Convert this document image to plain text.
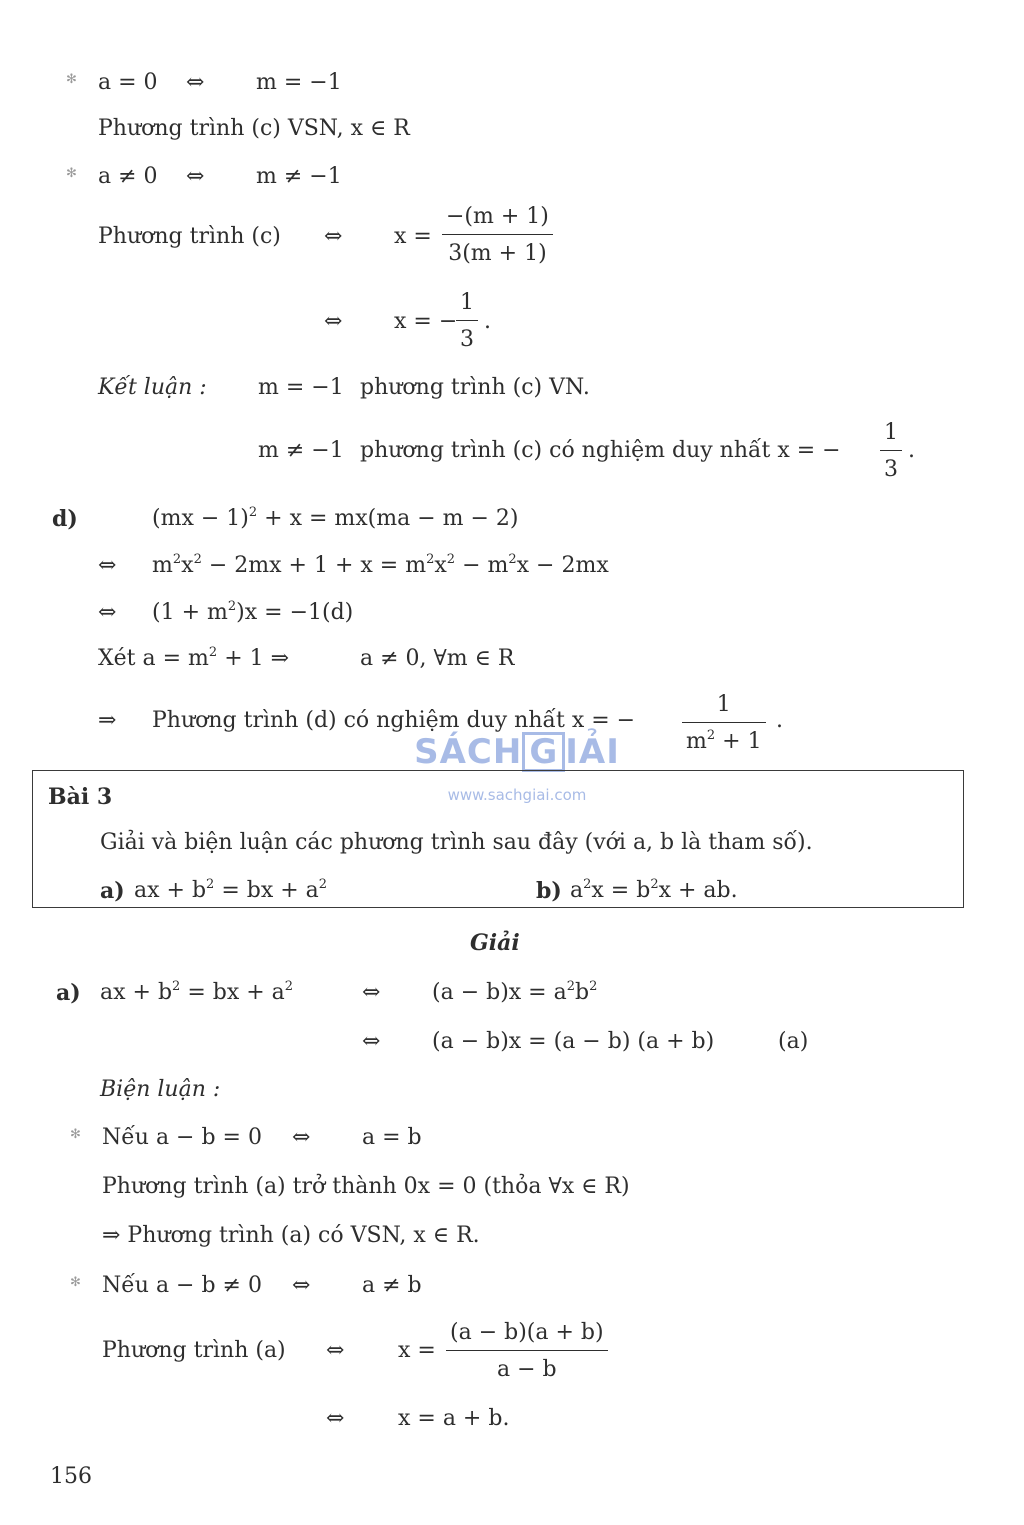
✻ a = 0 ⇔ m = −1
Phương trình (c) VSN, x ∈ R
✻ a ≠ 0 ⇔ m ≠ −1
Phương trình (c) ⇔ $x = \frac{-(m + 1)}{3(m + 1)}$
⇔ x = −
$\frac{1}{3}$ .
Kết luận : m = −1 phương trình (c) VN.
m ≠ −1 phương trình (c) có nghiệm duy nhất x = − $\frac{1}{3}$ .
d)	(mx − 1)$^2$ + x = mx(ma − m − 2)
⇔ $m^2x^2 - 2mx + 1 + x = m^2x^2 - m^2x - 2mx$
⇔ $(1 + m^2)x = -1(d)$
Xét $a = m^2 + 1$ ⇒	a ≠ 0, ∀m ∈ R
⇒ Phương trình (d) có nghiệm duy nhất x = − $\frac{1}{m^2 + 1}$ .
SÁCH G IẢI
www.sachgiai.com
Bài 3
Giải và biện luận các phương trình sau đây (với a, b là tham số).
a) ax + $b^2$ = bx + $a^2$	b) $a^2x = b^2x$ + ab.
Giải
a) ax + $b^2$ = bx + $a^2$	⇔ $(a - b)x = a^2b^2$
⇔ (a − b)x = (a − b) (a + b)	(a)
Biện luận :
✻ Nếu a − b = 0 ⇔ a = b
Phương trình (a) trở thành 0x = 0 (thỏa ∀x ∈ R)
⇒ Phương trình (a) có VSN, x ∈ R.
✻ Nếu a − b ≠ 0 ⇔ a ≠ b
Phương trình (a) ⇔ $x = \frac{(a - b)(a + b)}{a - b}$
⇔ x = a + b.
156
